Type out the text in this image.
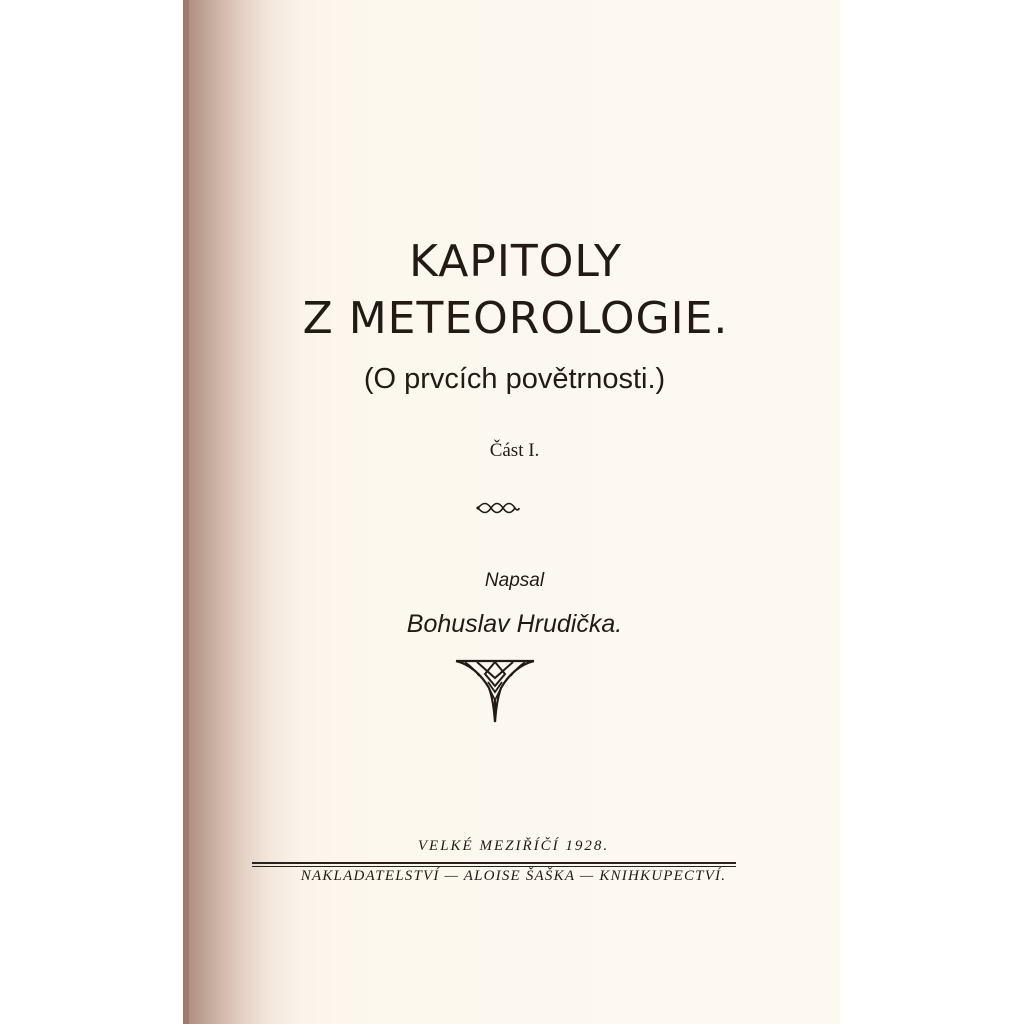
KAPITOLY
Z METEOROLOGIE.
(O prvcích povětrnosti.)
Část I.
Napsal
Bohuslav Hrudička.
VELKÉ MEZIŘÍČÍ 1928.
NAKLADATELSTVÍ — ALOISE ŠAŠKA — KNIHKUPECTVÍ.
